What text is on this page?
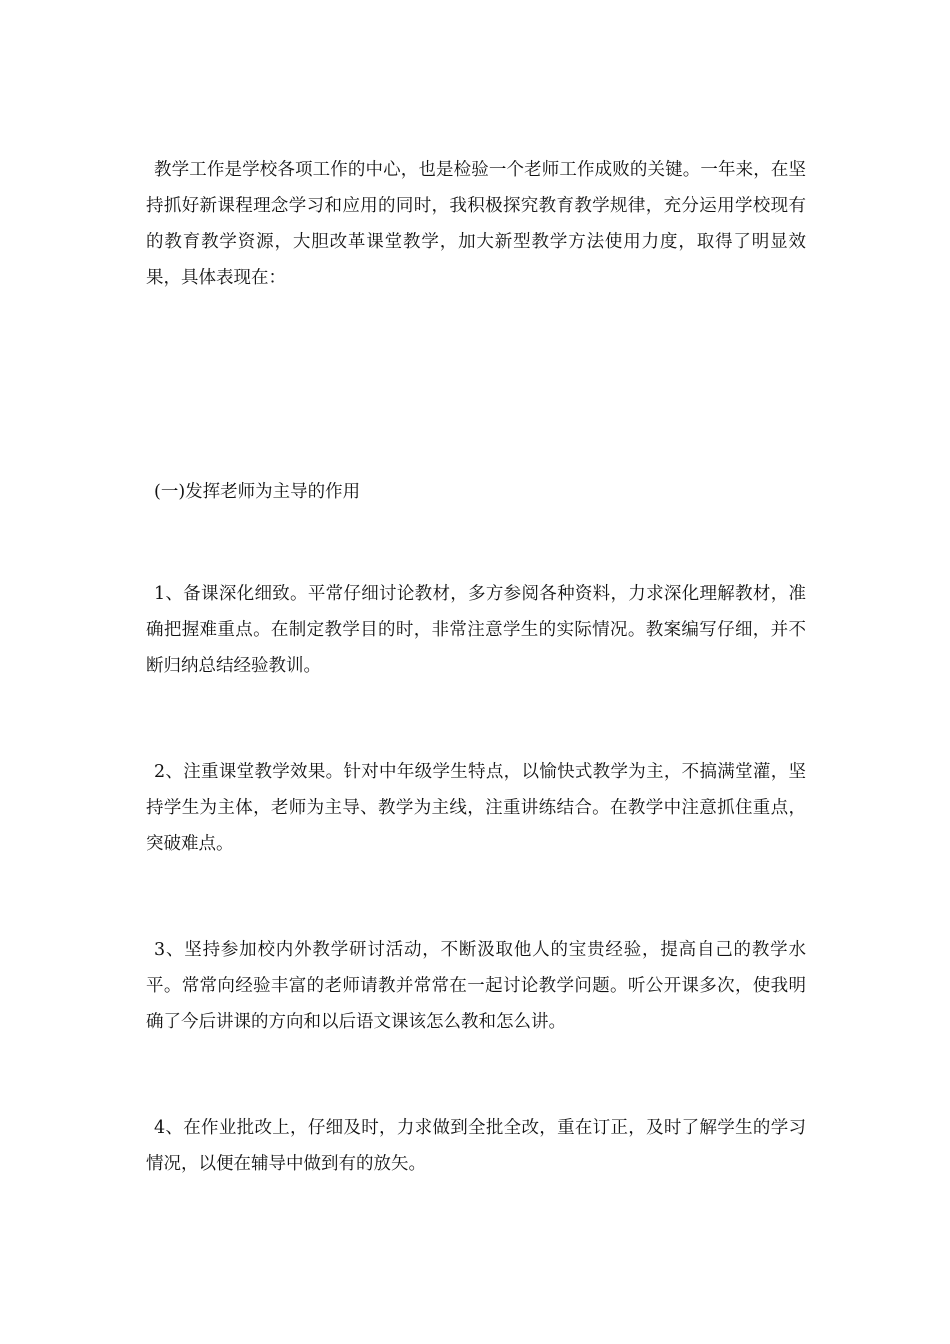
教学工作是学校各项工作的中心，也是检验一个老师工作成败的关键。一年来，在坚持抓好新课程理念学习和应用的同时，我积极探究教育教学规律，充分运用学校现有的教育教学资源，大胆改革课堂教学，加大新型教学方法使用力度，取得了明显效果，具体表现在：

(一)发挥老师为主导的作用

1、备课深化细致。平常仔细讨论教材，多方参阅各种资料，力求深化理解教材，准确把握难重点。在制定教学目的时，非常注意学生的实际情况。教案编写仔细，并不断归纳总结经验教训。

2、注重课堂教学效果。针对中年级学生特点，以愉快式教学为主，不搞满堂灌，坚持学生为主体，老师为主导、教学为主线，注重讲练结合。在教学中注意抓住重点，突破难点。

3、坚持参加校内外教学研讨活动，不断汲取他人的宝贵经验，提高自己的教学水平。常常向经验丰富的老师请教并常常在一起讨论教学问题。听公开课多次，使我明确了今后讲课的方向和以后语文课该怎么教和怎么讲。

4、在作业批改上，仔细及时，力求做到全批全改，重在订正，及时了解学生的学习情况，以便在辅导中做到有的放矢。
